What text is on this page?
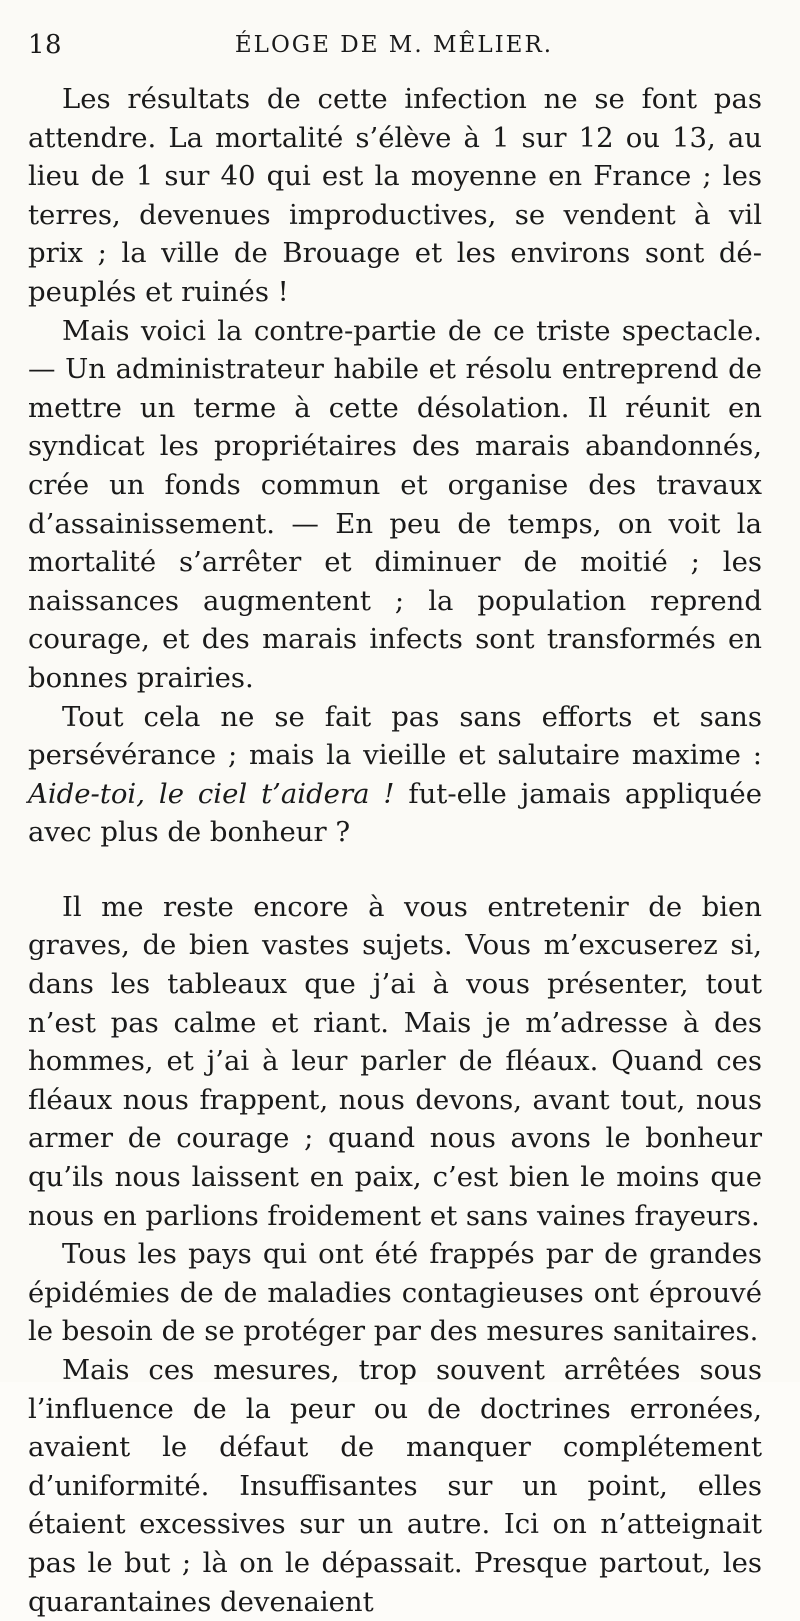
18	ÉLOGE DE M. MÊLIER.

Les résultats de cette infection ne se font pas attendre. La mortalité s’élève à 1 sur 12 ou 13, au lieu de 1 sur 40 qui est la moyenne en France ; les terres, devenues improductives, se vendent à vil prix ; la ville de Brouage et les environs sont dépeuplés et ruinés !

Mais voici la contre-partie de ce triste spectacle. — Un administrateur habile et résolu entreprend de mettre un terme à cette désolation. Il réunit en syndicat les propriétaires des marais abandonnés, crée un fonds commun et organise des travaux d’assainissement. — En peu de temps, on voit la mortalité s’arrêter et diminuer de moitié ; les naissances augmentent ; la population reprend courage, et des marais infects sont transformés en bonnes prairies.

Tout cela ne se fait pas sans efforts et sans persévérance ; mais la vieille et salutaire maxime : Aide-toi, le ciel t’aidera ! fut-elle jamais appliquée avec plus de bonheur ?

Il me reste encore à vous entretenir de bien graves, de bien vastes sujets. Vous m’excuserez si, dans les tableaux que j’ai à vous présenter, tout n’est pas calme et riant. Mais je m’adresse à des hommes, et j’ai à leur parler de fléaux. Quand ces fléaux nous frappent, nous devons, avant tout, nous armer de courage ; quand nous avons le bonheur qu’ils nous laissent en paix, c’est bien le moins que nous en parlions froidement et sans vaines frayeurs.

Tous les pays qui ont été frappés par de grandes épidémies de de maladies contagieuses ont éprouvé le besoin de se protéger par des mesures sanitaires.

Mais ces mesures, trop souvent arrêtées sous l’influence de la peur ou de doctrines erronées, avaient le défaut de manquer complétement d’uniformité. Insuffisantes sur un point, elles étaient excessives sur un autre. Ici on n’atteignait pas le but ; là on le dépassait. Presque partout, les quarantaines devenaient
